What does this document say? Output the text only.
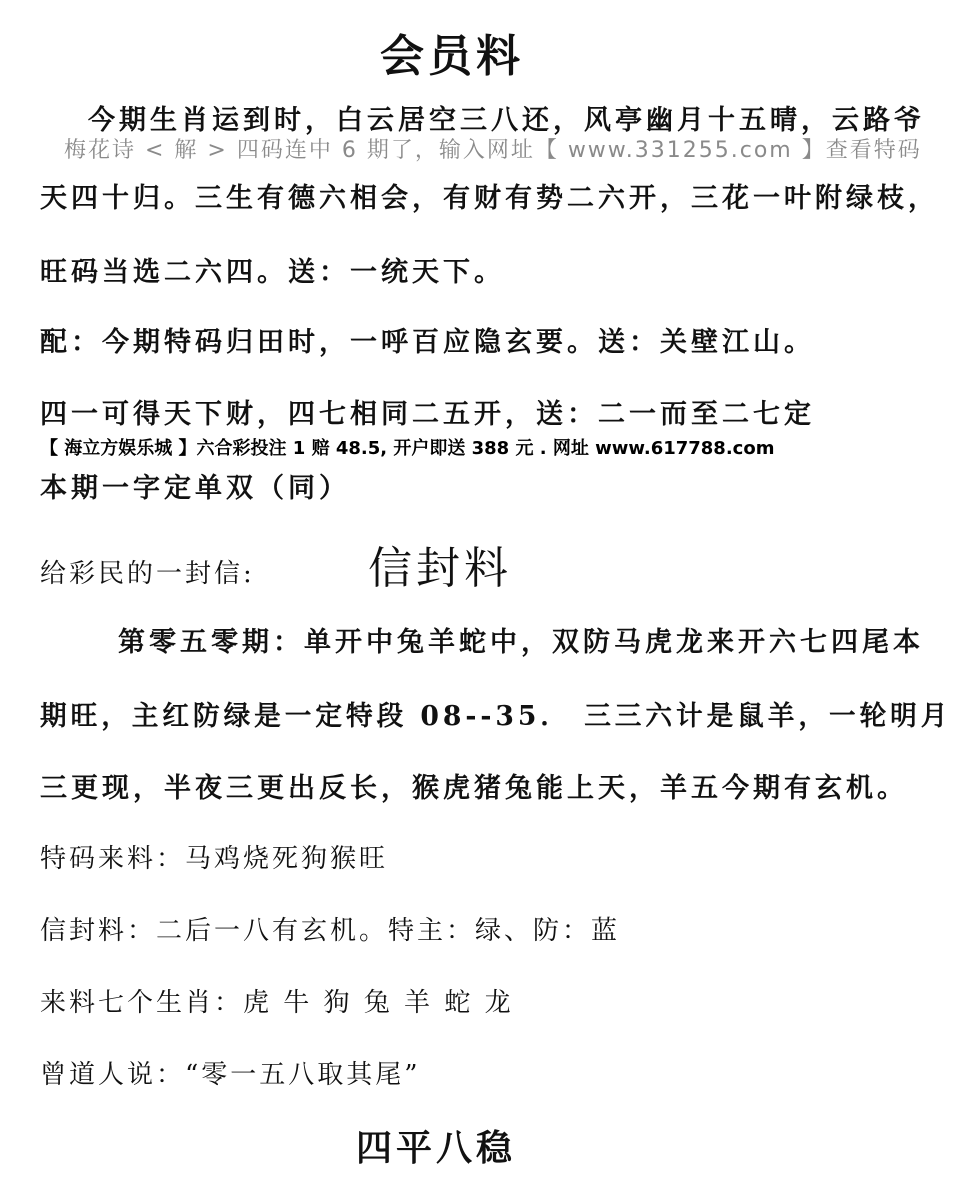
会员料
今期生肖运到时，白云居空三八还，风亭幽月十五晴，云路爷
梅花诗 < 解 > 四码连中 6 期了，输入网址【 www.331255.com 】查看特码
天四十归。三生有德六相会，有财有势二六开，三花一叶附绿枝，
旺码当选二六四。送：一统天下。
配：今期特码归田时，一呼百应隐玄要。送：关壁江山。
四一可得天下财，四七相同二五开，送：二一而至二七定
【 海立方娱乐城 】六合彩投注 1 赔 48.5, 开户即送 388 元 . 网址 www.617788.com
本期一字定单双（同）
给彩民的一封信:	信封料
第零五零期：单开中兔羊蛇中，双防马虎龙来开六七四尾本
期旺，主红防绿是一定特段 08--35． 三三六计是鼠羊，一轮明月
三更现，半夜三更出反长，猴虎猪兔能上天，羊五今期有玄机。
特码来料：马鸡烧死狗猴旺
信封料：二后一八有玄机。特主：绿、防：蓝
来料七个生肖：虎 牛 狗 兔 羊 蛇 龙
曾道人说：“零一五八取其尾”
四平八稳
